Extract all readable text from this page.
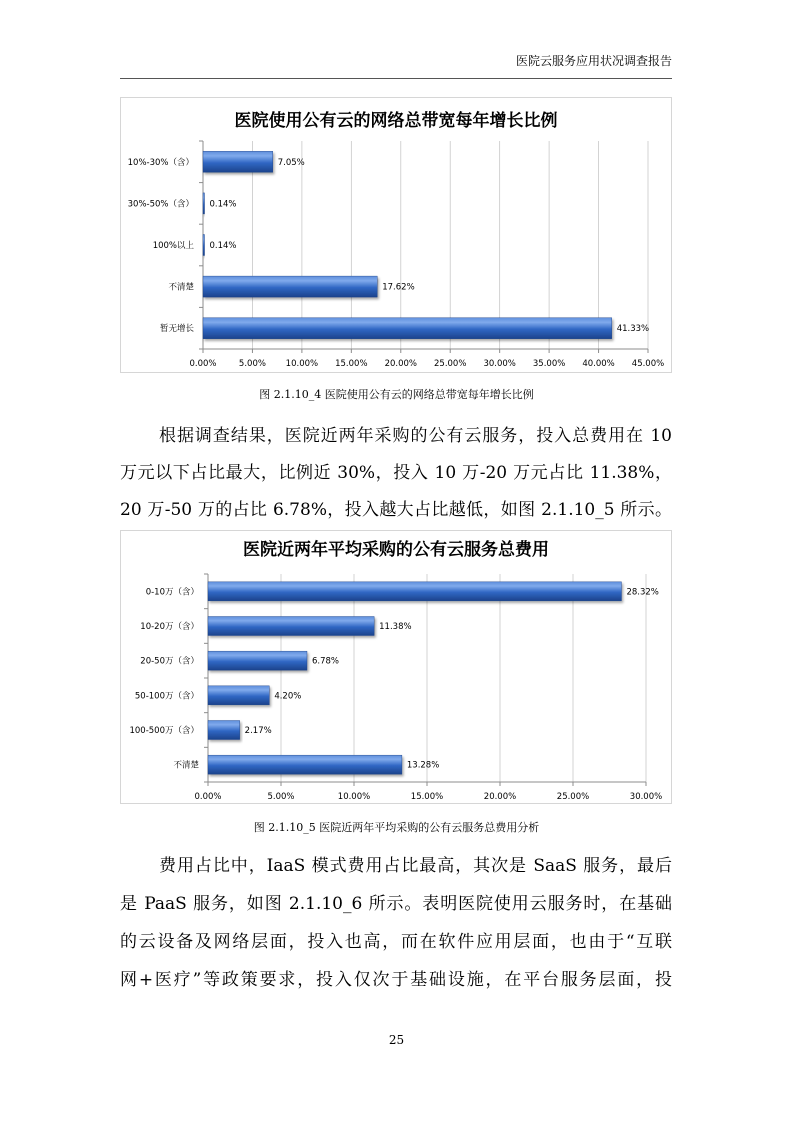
医院云服务应用状况调查报告
医院使用公有云的网络总带宽每年增长比例
0.00%	5.00% 10.00% 15.00% 20.00% 25.00% 30.00% 35.00% 40.00% 45.00%
10%-30%（含）
30%-50%（含）
100%以上
不清楚
暂无增长
7.05%
0.14%
0.14%
17.62%
41.33%
图 2.1.10_4 医院使用公有云的网络总带宽每年增长比例
根据调查结果，医院近两年采购的公有云服务，投入总费用在 10
万元以下占比最大，比例近 30%，投入 10 万-20 万元占比 11.38%，
20 万-50 万的占比 6.78%，投入越大占比越低，如图 2.1.10_5 所示。
医院近两年平均采购的公有云服务总费用
0.00%	5.00%	10.00%	15.00%	20.00%	25.00%	30.00%
0-10万（含）
10-20万（含）
20-50万（含）
50-100万（含）
100-500万（含）
不清楚
28.32%
11.38%
6.78%
4.20%
2.17%
13.28%
图 2.1.10_5 医院近两年平均采购的公有云服务总费用分析
费用占比中，IaaS 模式费用占比最高，其次是 SaaS 服务，最后
是 PaaS 服务，如图 2.1.10_6 所示。表明医院使用云服务时，在基础
的云设备及网络层面，投入也高，而在软件应用层面，也由于“互联
网+医疗”等政策要求，投入仅次于基础设施，在平台服务层面，投
25
